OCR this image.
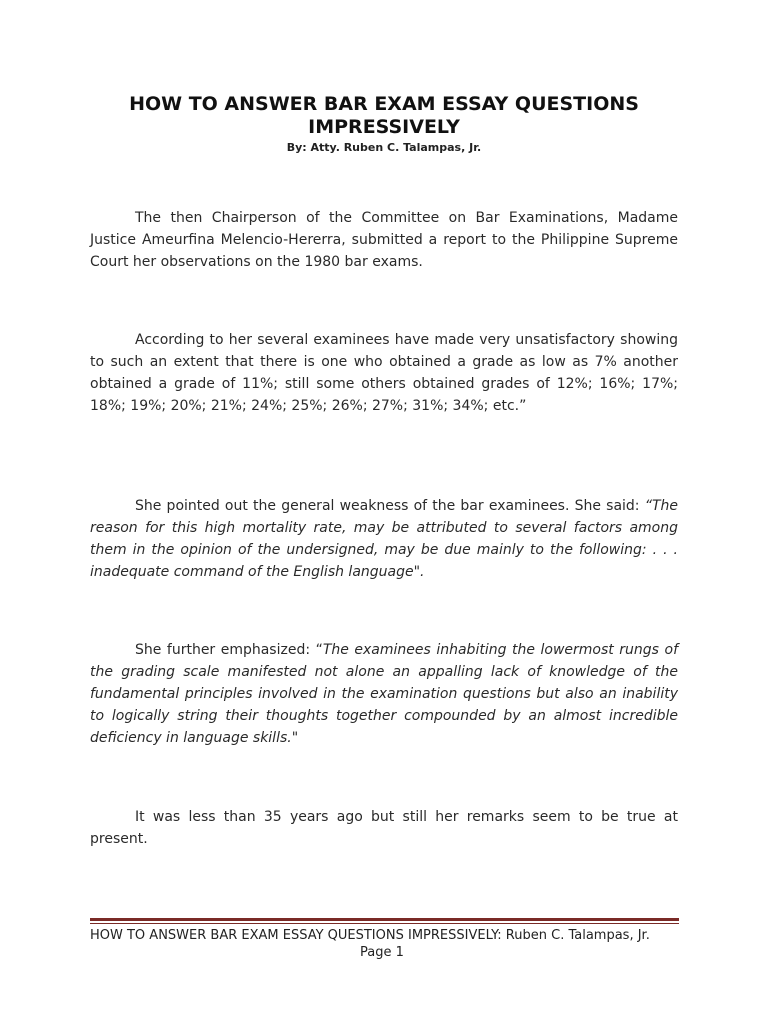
HOW TO ANSWER BAR EXAM ESSAY QUESTIONS IMPRESSIVELY

By: Atty. Ruben C. Talampas, Jr.

The then Chairperson of the Committee on Bar Examinations, Madame Justice Ameurfina Melencio-Hererra, submitted a report to the Philippine Supreme Court her observations on the 1980 bar exams.

According to her several examinees have made very unsatisfactory showing to such an extent that there is one who obtained a grade as low as 7% another obtained a grade of 11%; still some others obtained grades of 12%; 16%; 17%; 18%; 19%; 20%; 21%; 24%; 25%; 26%; 27%; 31%; 34%; etc.”

She pointed out the general weakness of the bar examinees. She said: “The reason for this high mortality rate, may be attributed to several factors among them in the opinion of the undersigned, may be due mainly to the following: . . . inadequate command of the English language".

She further emphasized: “The examinees inhabiting the lowermost rungs of the grading scale manifested not alone an appalling lack of knowledge of the fundamental principles involved in the examination questions but also an inability to logically string their thoughts together compounded by an almost incredible deficiency in language skills."

It was less than 35 years ago but still her remarks seem to be true at present.

HOW TO ANSWER BAR EXAM ESSAY QUESTIONS IMPRESSIVELY: Ruben C. Talampas, Jr.

Page 1
